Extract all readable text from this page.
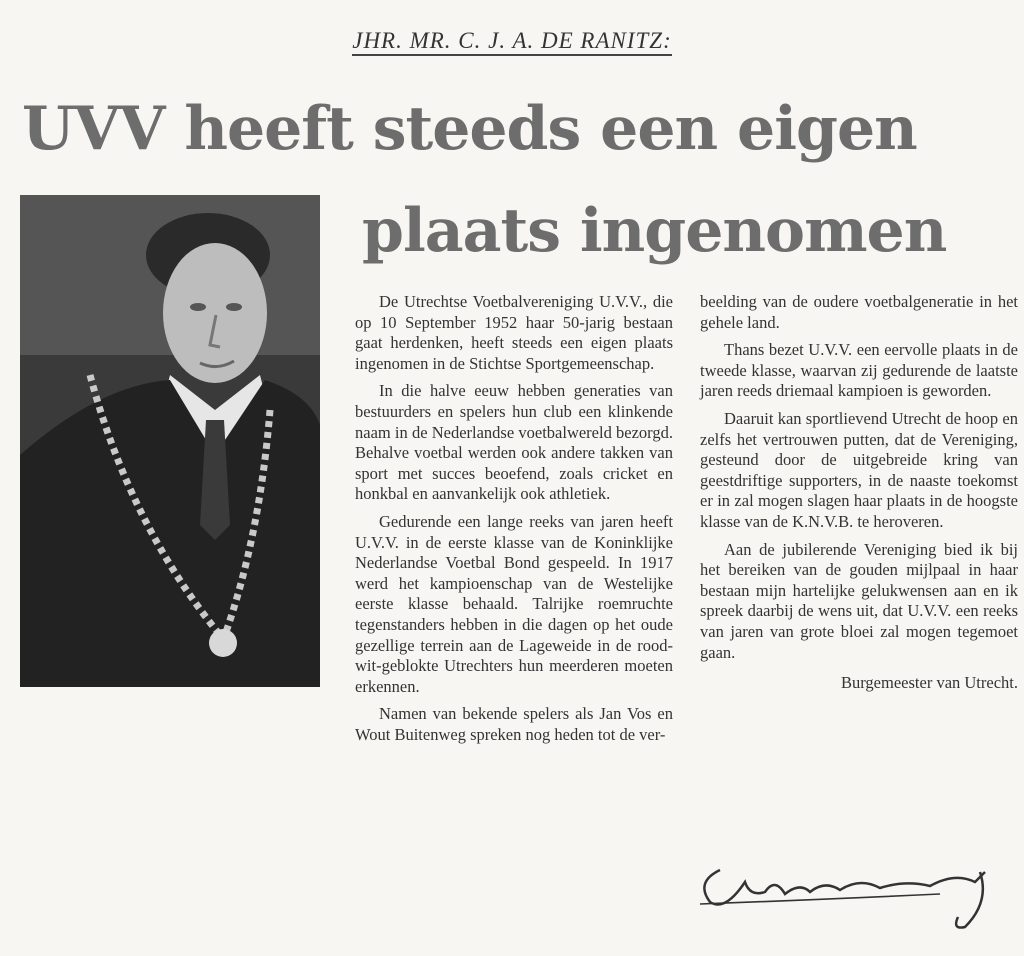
JHR. MR. C. J. A. DE RANITZ:
UVV heeft steeds een eigen
plaats ingenomen

De Utrechtse Voetbalvereniging U.V.V., die op 10 September 1952 haar 50-jarig bestaan gaat herdenken, heeft steeds een eigen plaats ingenomen in de Stichtse Sportgemeenschap.

In die halve eeuw hebben generaties van bestuurders en spelers hun club een klinkende naam in de Nederlandse voetbalwereld bezorgd. Behalve voetbal werden ook andere takken van sport met succes beoefend, zoals cricket en honkbal en aanvankelijk ook athletiek.

Gedurende een lange reeks van jaren heeft U.V.V. in de eerste klasse van de Koninklijke Nederlandse Voetbal Bond gespeeld. In 1917 werd het kampioenschap van de Westelijke eerste klasse behaald. Talrijke roemruchte tegenstanders hebben in die dagen op het oude gezellige terrein aan de Lageweide in de rood-wit-geblokte Utrechters hun meerderen moeten erkennen.

Namen van bekende spelers als Jan Vos en Wout Buitenweg spreken nog heden tot de ver-

beelding van de oudere voetbalgeneratie in het gehele land.

Thans bezet U.V.V. een eervolle plaats in de tweede klasse, waarvan zij gedurende de laatste jaren reeds driemaal kampioen is geworden.

Daaruit kan sportlievend Utrecht de hoop en zelfs het vertrouwen putten, dat de Vereniging, gesteund door de uitgebreide kring van geestdriftige supporters, in de naaste toekomst er in zal mogen slagen haar plaats in de hoogste klasse van de K.N.V.B. te heroveren.

Aan de jubilerende Vereniging bied ik bij het bereiken van de gouden mijlpaal in haar bestaan mijn hartelijke gelukwensen aan en ik spreek daarbij de wens uit, dat U.V.V. een reeks van jaren van grote bloei zal mogen tegemoet gaan.

Burgemeester van Utrecht.
